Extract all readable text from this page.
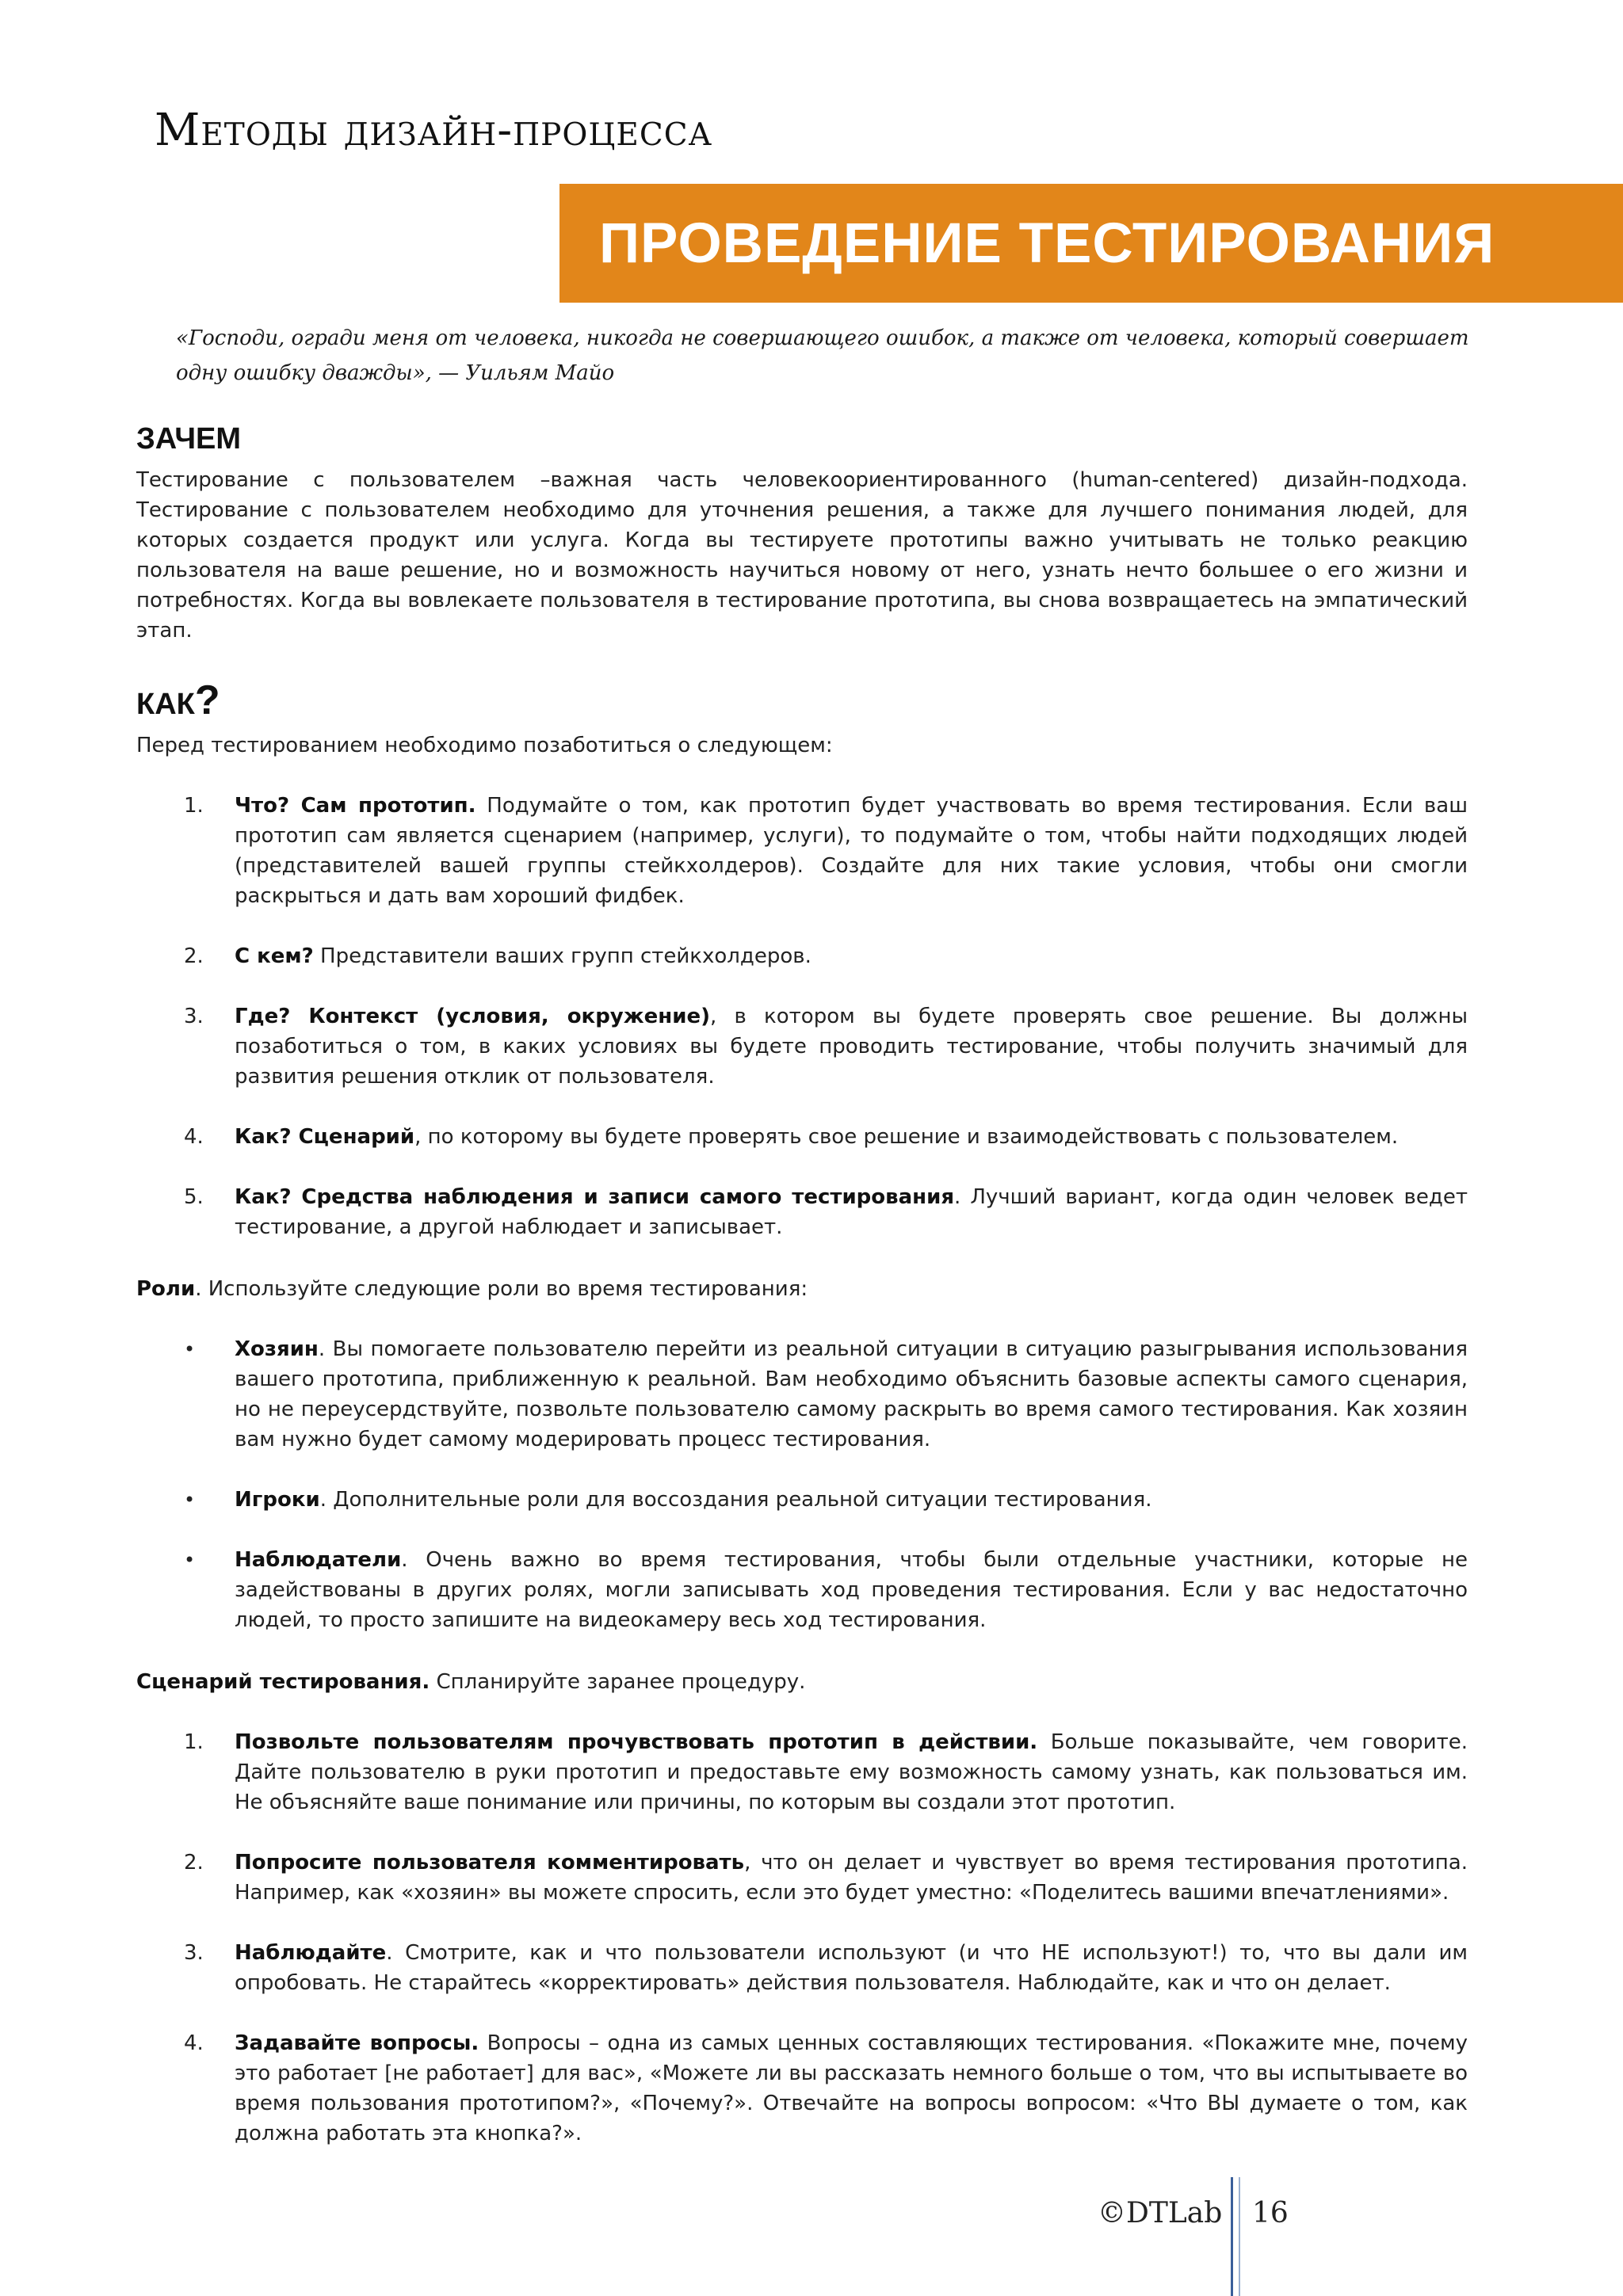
Методы дизайн-процесса
ПРОВЕДЕНИЕ ТЕСТИРОВАНИЯ
«Господи, огради меня от человека, никогда не совершающего ошибок, а также от человека, который совершает одну ошибку дважды», — Уильям Майо
ЗАЧЕМ

Тестирование с пользователем –важная часть человекоориентированного (human-centered) дизайн-подхода. Тестирование с пользователем необходимо для уточнения решения, а также для лучшего понимания людей, для которых создается продукт или услуга. Когда вы тестируете прототипы важно учитывать не только реакцию пользователя на ваше решение, но и возможность научиться новому от него, узнать нечто большее о его жизни и потребностях. Когда вы вовлекаете пользователя в тестирование прототипа, вы снова возвращаетесь на эмпатический этап.

КАК?

Перед тестированием необходимо позаботиться о следующем:

1. Что? Сам прототип. Подумайте о том, как прототип будет участвовать во время тестирования. Если ваш прототип сам является сценарием (например, услуги), то подумайте о том, чтобы найти подходящих людей (представителей вашей группы стейкхолдеров). Создайте для них такие условия, чтобы они смогли раскрыться и дать вам хороший фидбек.
2. С кем? Представители ваших групп стейкхолдеров.
3. Где? Контекст (условия, окружение), в котором вы будете проверять свое решение. Вы должны позаботиться о том, в каких условиях вы будете проводить тестирование, чтобы получить значимый для развития решения отклик от пользователя.
4. Как? Сценарий, по которому вы будете проверять свое решение и взаимодействовать с пользователем.
5. Как? Средства наблюдения и записи самого тестирования. Лучший вариант, когда один человек ведет тестирование, а другой наблюдает и записывает.

Роли. Используйте следующие роли во время тестирования:

• Хозяин. Вы помогаете пользователю перейти из реальной ситуации в ситуацию разыгрывания использования вашего прототипа, приближенную к реальной. Вам необходимо объяснить базовые аспекты самого сценария, но не переусердствуйте, позвольте пользователю самому раскрыть во время самого тестирования. Как хозяин вам нужно будет самому модерировать процесс тестирования.
• Игроки. Дополнительные роли для воссоздания реальной ситуации тестирования.
• Наблюдатели. Очень важно во время тестирования, чтобы были отдельные участники, которые не задействованы в других ролях, могли записывать ход проведения тестирования. Если у вас недостаточно людей, то просто запишите на видеокамеру весь ход тестирования.

Сценарий тестирования. Спланируйте заранее процедуру.

1. Позвольте пользователям прочувствовать прототип в действии. Больше показывайте, чем говорите. Дайте пользователю в руки прототип и предоставьте ему возможность самому узнать, как пользоваться им. Не объясняйте ваше понимание или причины, по которым вы создали этот прототип.
2. Попросите пользователя комментировать, что он делает и чувствует во время тестирования прототипа. Например, как «хозяин» вы можете спросить, если это будет уместно: «Поделитесь вашими впечатлениями».
3. Наблюдайте. Смотрите, как и что пользователи используют (и что НЕ используют!) то, что вы дали им опробовать. Не старайтесь «корректировать» действия пользователя. Наблюдайте, как и что он делает.
4. Задавайте вопросы. Вопросы – одна из самых ценных составляющих тестирования. «Покажите мне, почему это работает [не работает] для вас», «Можете ли вы рассказать немного больше о том, что вы испытываете во время пользования прототипом?», «Почему?». Отвечайте на вопросы вопросом: «Что ВЫ думаете о том, как должна работать эта кнопка?».
©DTLab 16
